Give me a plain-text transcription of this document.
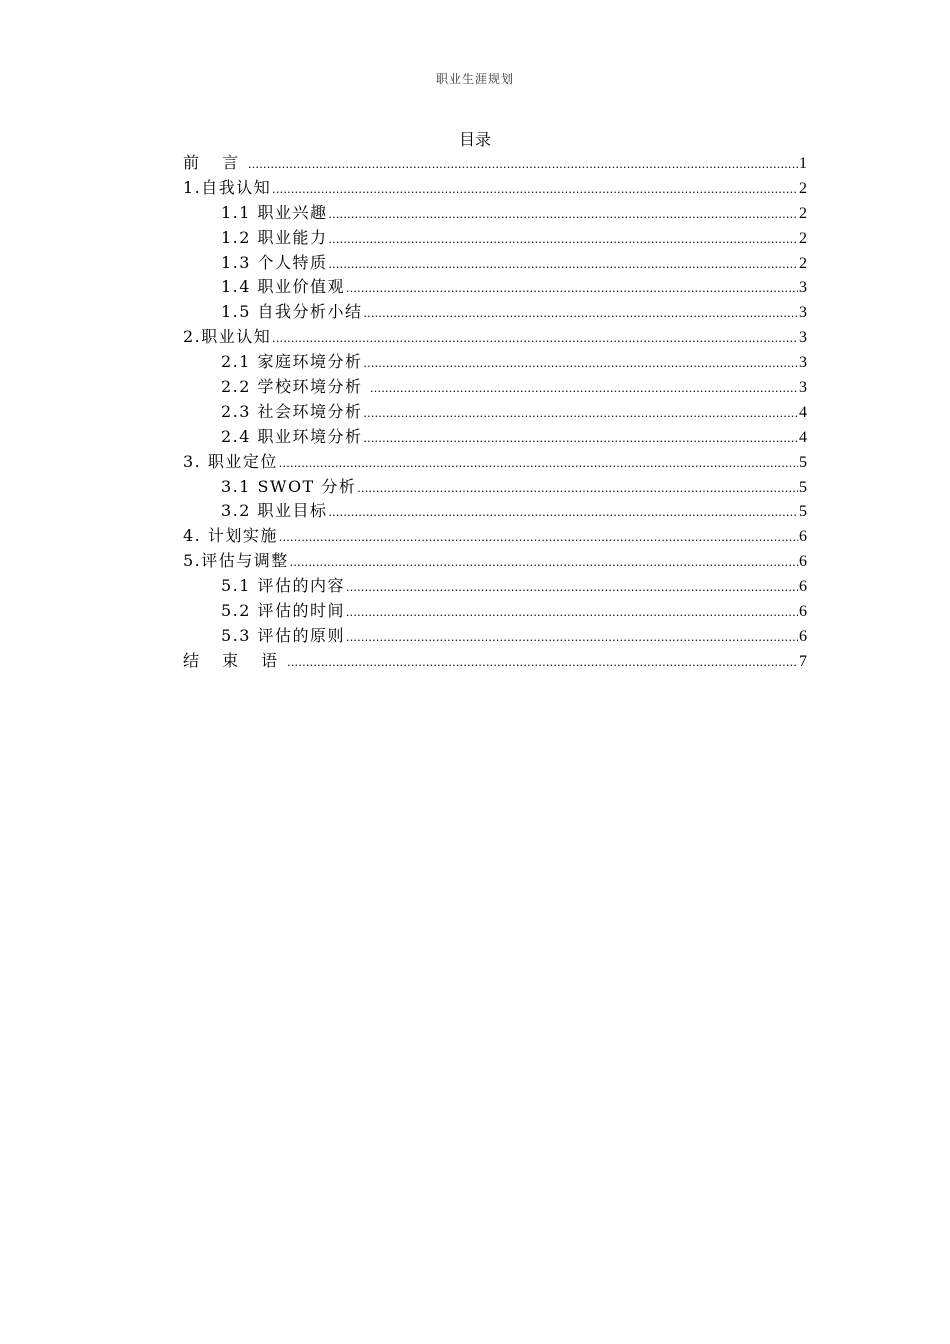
职业生涯规划
目录
前 言 .....	1
1.自我认知 .....	2
1.1 职业兴趣 .....	2
1.2 职业能力 .....	2
1.3 个人特质 .....	2
1.4 职业价值观 .....	3
1.5 自我分析小结 .....	3
2.职业认知 .....	3
2.1 家庭环境分析 .....	3
2.2 学校环境分析 .....	3
2.3 社会环境分析 .....	4
2.4 职业环境分析 .....	4
3. 职业定位 .....	5
3.1 SWOT 分析 .....	5
3.2 职业目标 .....	5
4. 计划实施 .....	6
5.评估与调整 .....	6
5.1 评估的内容 .....	6
5.2 评估的时间 .....	6
5.3 评估的原则 .....	6
结 束 语 .....	7
